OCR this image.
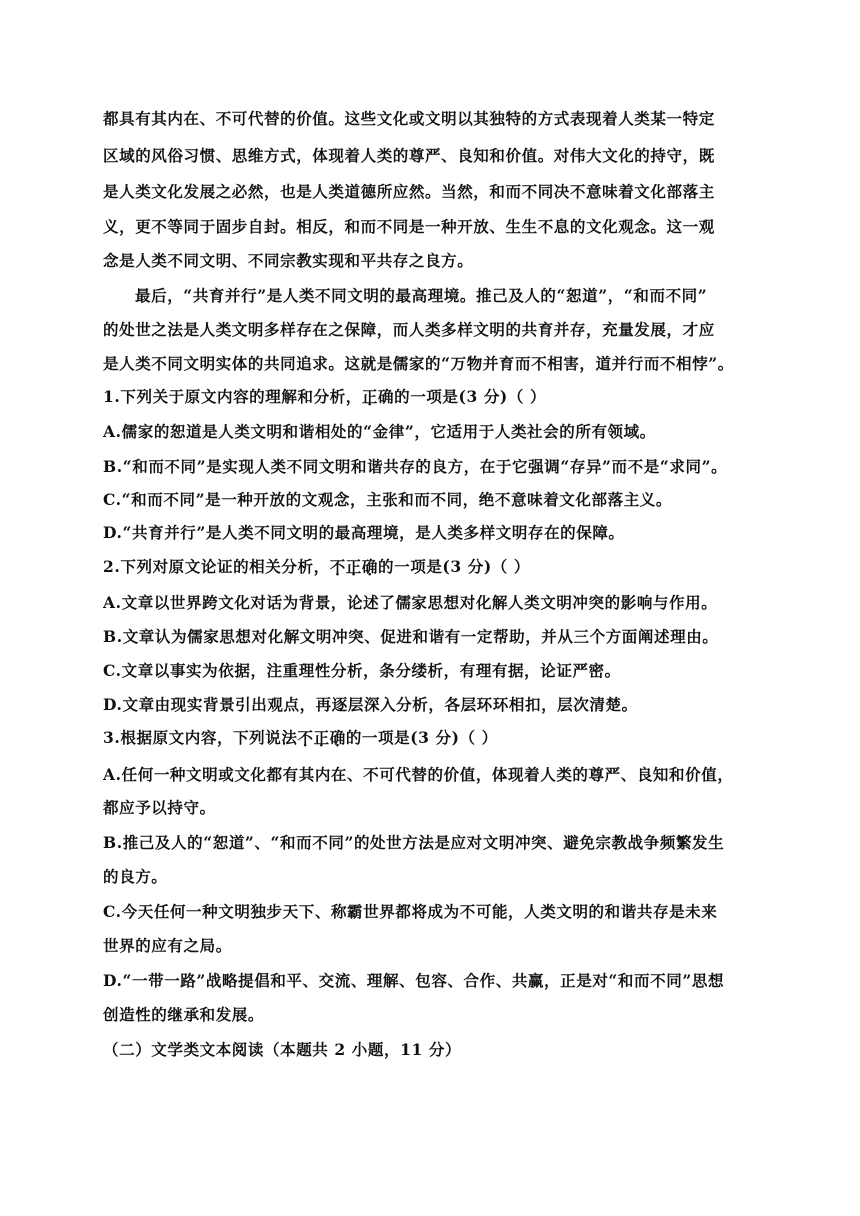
都具有其内在、不可代替的价值。这些文化或文明以其独特的方式表现着人类某一特定
区域的风俗习惯、思维方式，体现着人类的尊严、良知和价值。对伟大文化的持守，既
是人类文化发展之必然，也是人类道德所应然。当然，和而不同决不意味着文化部落主
义，更不等同于固步自封。相反，和而不同是一种开放、生生不息的文化观念。这一观
念是人类不同文明、不同宗教实现和平共存之良方。
最后，“共育并行”是人类不同文明的最高理境。推己及人的“恕道”，“和而不同”
的处世之法是人类文明多样存在之保障，而人类多样文明的共育并存，充量发展，才应
是人类不同文明实体的共同追求。这就是儒家的“万物并育而不相害，道并行而不相悖”。
1.下列关于原文内容的理解和分析，正确的一项是(3 分)（ ）
A.儒家的恕道是人类文明和谐相处的“金律”，它适用于人类社会的所有领域。
B.“和而不同”是实现人类不同文明和谐共存的良方，在于它强调“存异”而不是“求同”。
C.“和而不同”是一种开放的文观念，主张和而不同，绝不意味着文化部落主义。
D.“共育并行”是人类不同文明的最高理境，是人类多样文明存在的保障。
2.下列对原文论证的相关分析，不正确的一项是(3 分)（ ）
A.文章以世界跨文化对话为背景，论述了儒家思想对化解人类文明冲突的影响与作用。
B.文章认为儒家思想对化解文明冲突、促进和谐有一定帮助，并从三个方面阐述理由。
C.文章以事实为依据，注重理性分析，条分缕析，有理有据，论证严密。
D.文章由现实背景引出观点，再逐层深入分析，各层环环相扣，层次清楚。
3.根据原文内容，下列说法不正确的一项是(3 分)（ ）
A.任何一种文明或文化都有其内在、不可代替的价值，体现着人类的尊严、良知和价值，
都应予以持守。
B.推己及人的“恕道”、“和而不同”的处世方法是应对文明冲突、避免宗教战争频繁发生
的良方。
C.今天任何一种文明独步天下、称霸世界都将成为不可能，人类文明的和谐共存是未来
世界的应有之局。
D.“一带一路”战略提倡和平、交流、理解、包容、合作、共赢，正是对“和而不同”思想
创造性的继承和发展。
（二）文学类文本阅读（本题共 2 小题，11 分）
